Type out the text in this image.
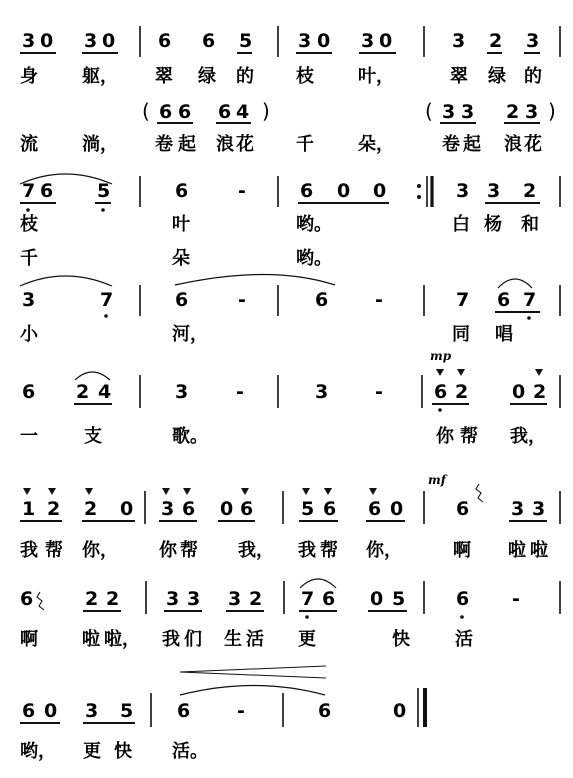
3 0 3 0 6 6 5 3 0 3 0	3 2 3
身 躯， 翠 绿 的 枝 叶，	翠 绿 的
( 6 6 6 4 )	( 3 3 2 3 )
流 淌， 卷 起 浪 花 千 朵，	卷 起 浪 花
7 6 5	6	-	6 0 0	3 3 2
枝	叶	哟。	白 杨 和
千	朵	哟。
3	7	6	-	6 -	7 6 7
小	河，	同 唱
mp
6 2 4	3	-	3 -	6 2 0 2
一	支	歌。	你 帮 我，
mf
1 2 2 0 3 6 0 6	5 6 6 0	6 3 3
我 帮 你， 你 帮 我， 我 帮 你，	啊 啦 啦
6	2 2 3 3 3 2 7 6 0 5	6 -
啊 啦 啦， 我 们 生 活 更	快	活
6 0 3 5 6 -	6	0
哟， 更 快 活。
